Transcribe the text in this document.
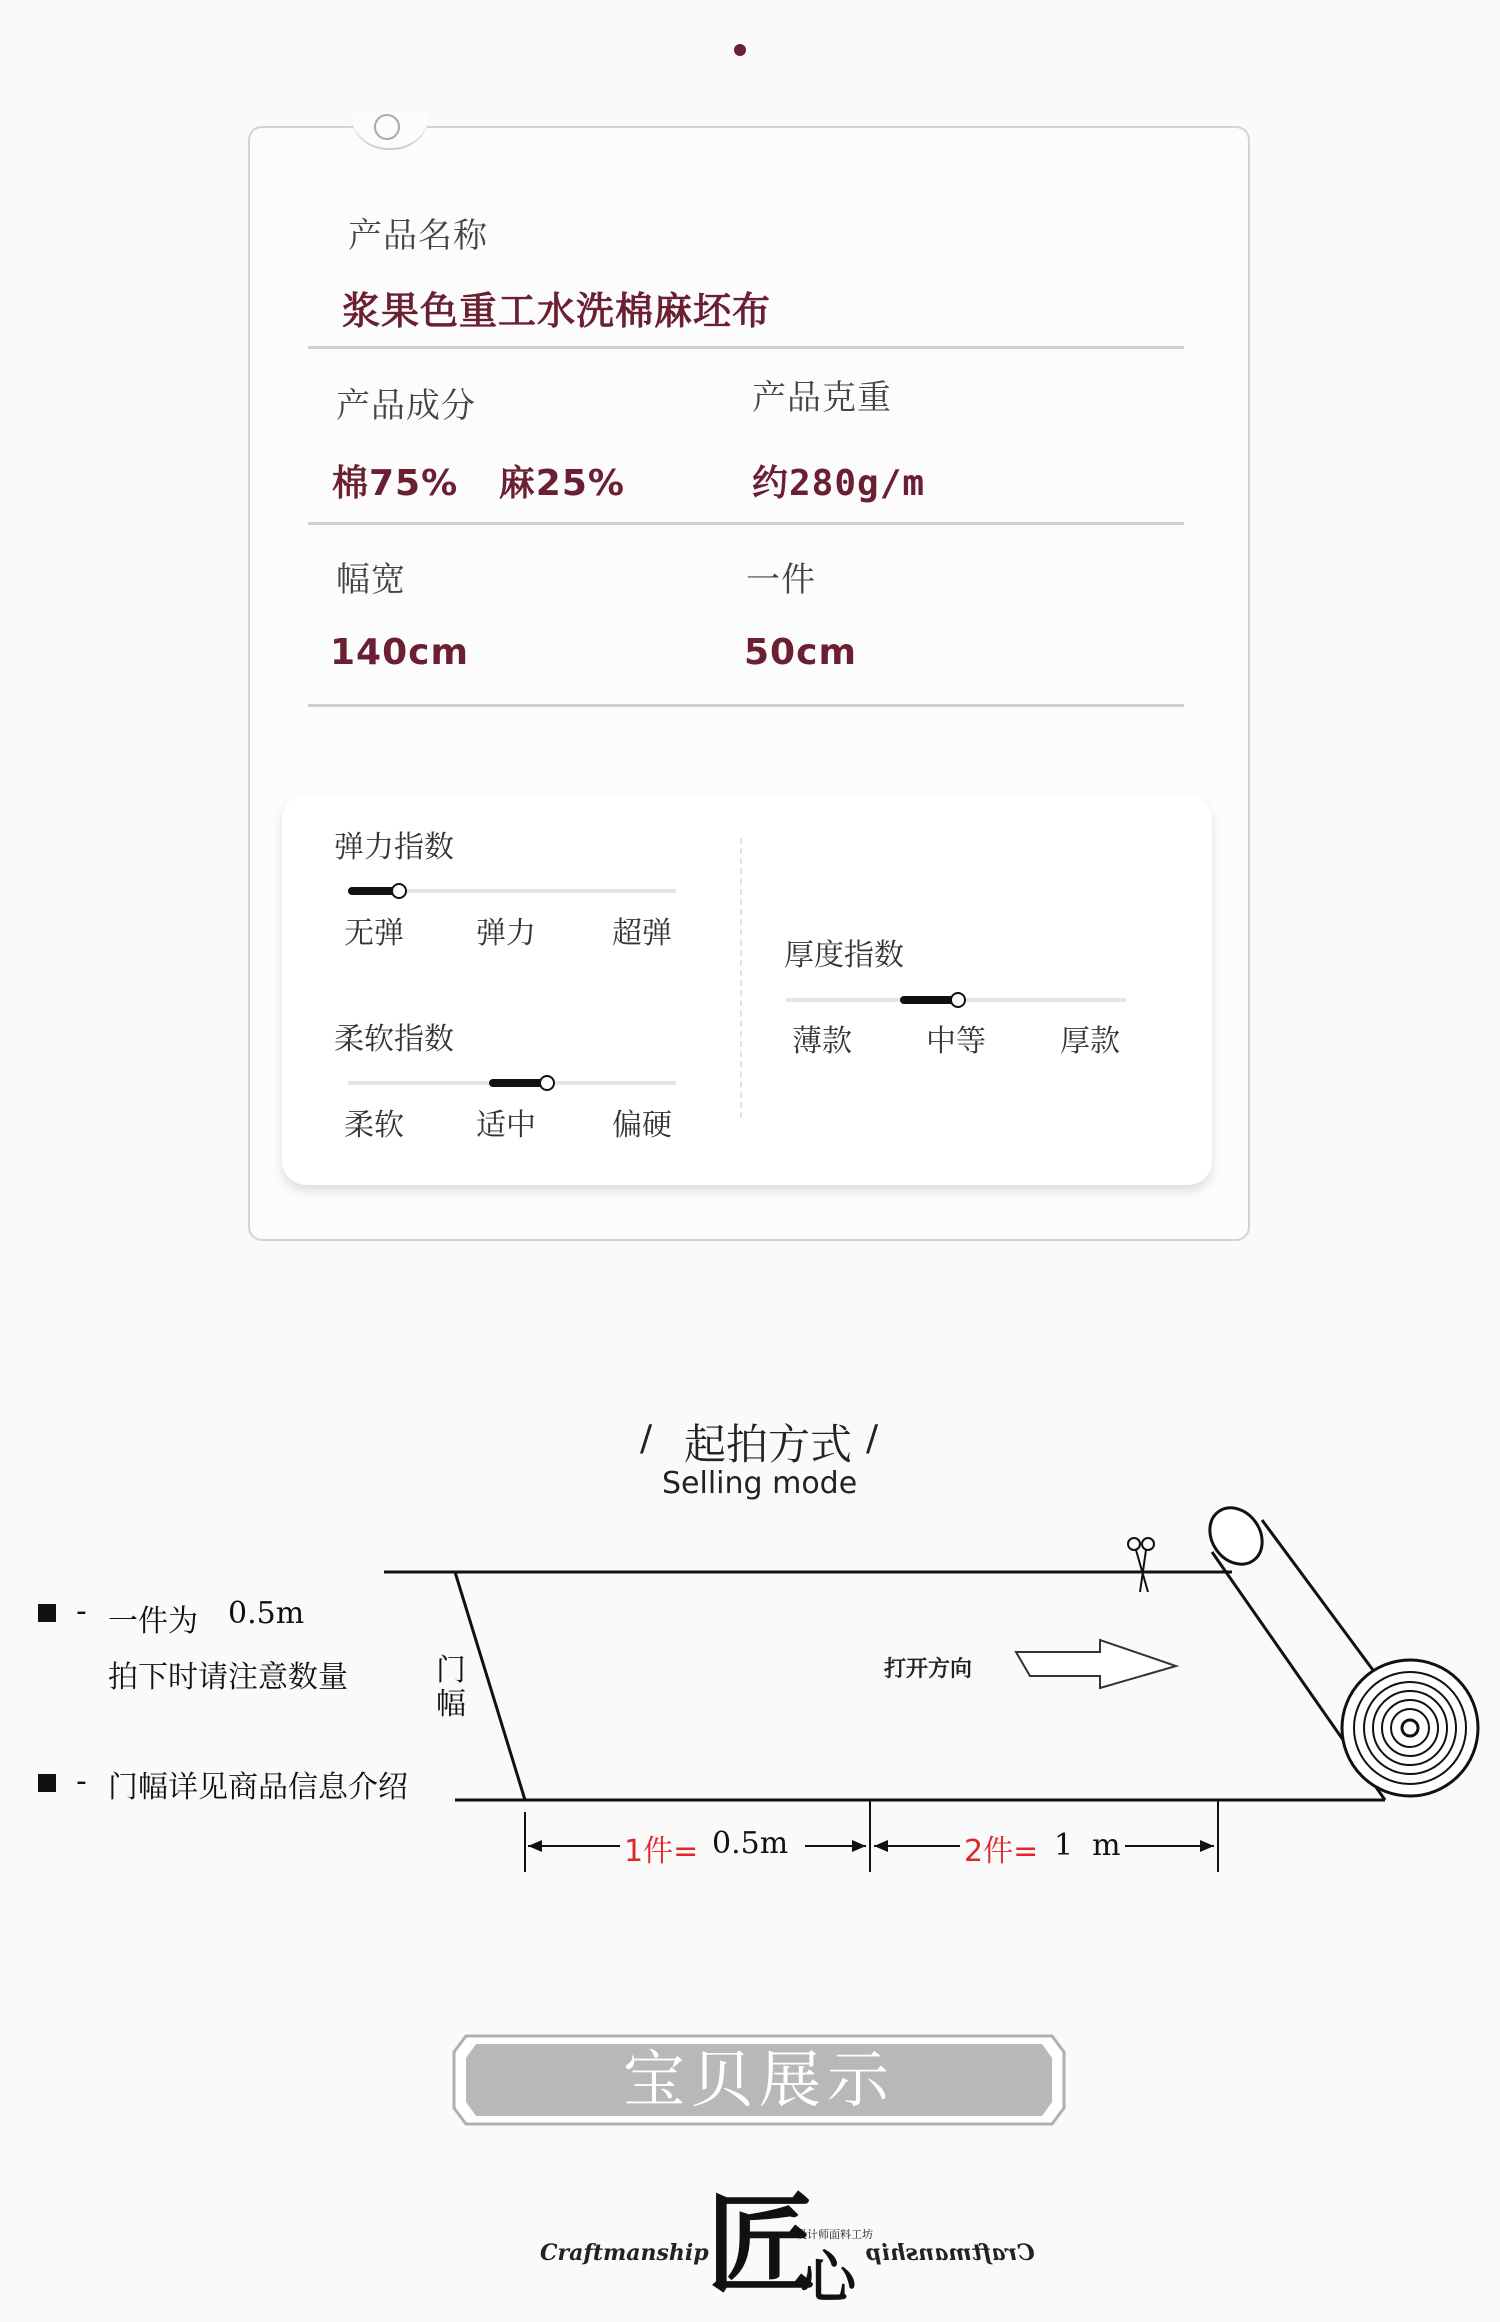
产品名称
浆果色重工水洗棉麻坯布
产品成分
棉75%   麻25%
产品克重
约280g/m
幅宽
140cm
一件
50cm
弹力指数
无弹 弹力	超弹
柔软指数
柔软 适中	偏硬
厚度指数
薄款 中等 厚款
/ 起拍方式 /
Selling mode
门幅
打开方向
1件= 0.5m	2件= 1  m
- 一件为 0.5m
拍下时请注意数量
- 门幅详见商品信息介绍
宝贝展示
Craftmanship
匠
心
设计师面料工坊
Craftmanship
